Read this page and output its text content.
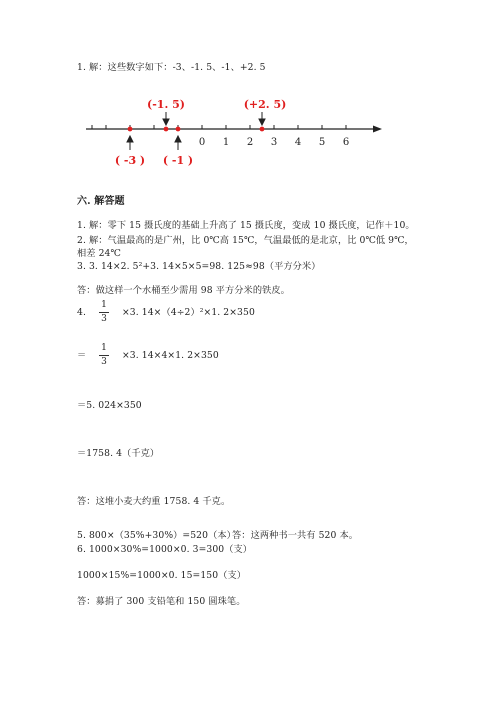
1. 解：这些数字如下：-3、-1. 5、-1、+2. 5
0 1 2 3 4 5 6
(-1. 5)	(+2. 5)
( -3 ) ( -1 )
六. 解答题
1. 解：零下 15 摄氏度的基础上升高了 15 摄氏度，变成 10 摄氏度，记作＋10。
2. 解：气温最高的是广州，比 0℃高 15℃，气温最低的是北京，比 0℃低 9℃，
相差 24℃
3. 3. 14×2. 5²+3. 14×5×5=98. 125≈98（平方分米）
答：做这样一个水桶至少需用 98 平方分米的铁皮。
4.
1
3
×3. 14×（4÷2）²×1. 2×350
＝
1
3
×3. 14×4×1. 2×350
＝5. 024×350
＝1758. 4（千克）
答：这堆小麦大约重 1758. 4 千克。
5. 800×（35%+30%）=520（本）
答：这两种书一共有 520 本。
6. 1000×30%=1000×0. 3=300（支）
1000×15%=1000×0. 15=150（支）
答：募捐了 300 支铅笔和 150 圆珠笔。
